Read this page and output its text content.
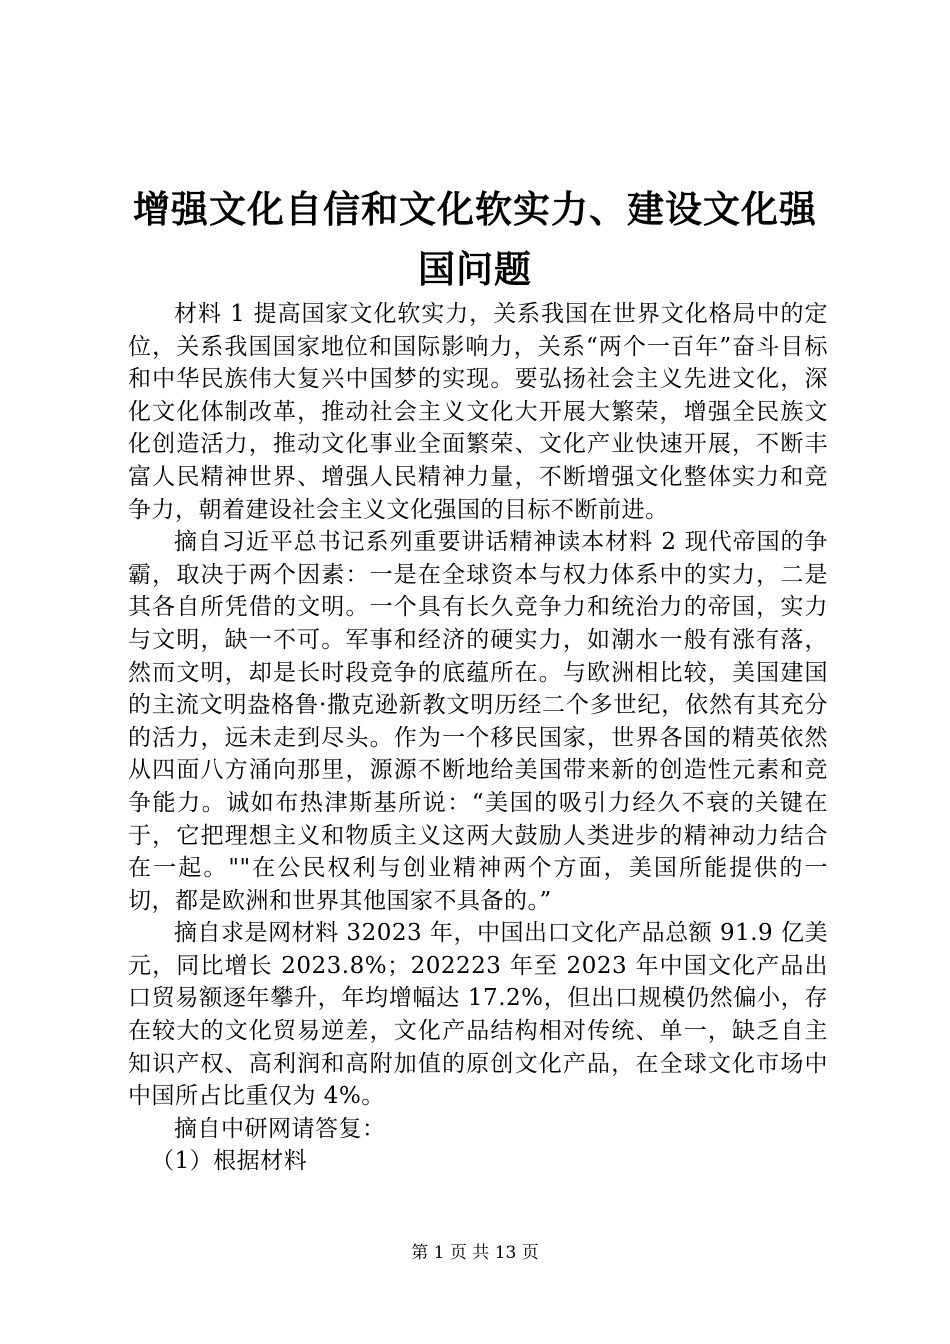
增强文化自信和文化软实力、建设文化强国问题

材料 1 提高国家文化软实力，关系我国在世界文化格局中的定位，关系我国国家地位和国际影响力，关系“两个一百年”奋斗目标和中华民族伟大复兴中国梦的实现。要弘扬社会主义先进文化，深化文化体制改革，推动社会主义文化大开展大繁荣，增强全民族文化创造活力，推动文化事业全面繁荣、文化产业快速开展，不断丰富人民精神世界、增强人民精神力量，不断增强文化整体实力和竞争力，朝着建设社会主义文化强国的目标不断前进。

摘自习近平总书记系列重要讲话精神读本材料 2 现代帝国的争霸，取决于两个因素：一是在全球资本与权力体系中的实力，二是其各自所凭借的文明。一个具有长久竞争力和统治力的帝国，实力与文明，缺一不可。军事和经济的硬实力，如潮水一般有涨有落，然而文明，却是长时段竞争的底蕴所在。与欧洲相比较，美国建国的主流文明盎格鲁·撒克逊新教文明历经二个多世纪，依然有其充分的活力，远未走到尽头。作为一个移民国家，世界各国的精英依然从四面八方涌向那里，源源不断地给美国带来新的创造性元素和竞争能力。诚如布热津斯基所说：“美国的吸引力经久不衰的关键在于，它把理想主义和物质主义这两大鼓励人类进步的精神动力结合在一起。""在公民权利与创业精神两个方面，美国所能提供的一切，都是欧洲和世界其他国家不具备的。”

摘自求是网材料 32023 年，中国出口文化产品总额 91.9 亿美元，同比增长 2023.8%；202223 年至 2023 年中国文化产品出口贸易额逐年攀升，年均增幅达 17.2%，但出口规模仍然偏小，存在较大的文化贸易逆差，文化产品结构相对传统、单一，缺乏自主知识产权、高利润和高附加值的原创文化产品，在全球文化市场中中国所占比重仅为 4%。

摘自中研网请答复：

（1）根据材料

第 1 页 共 13 页
